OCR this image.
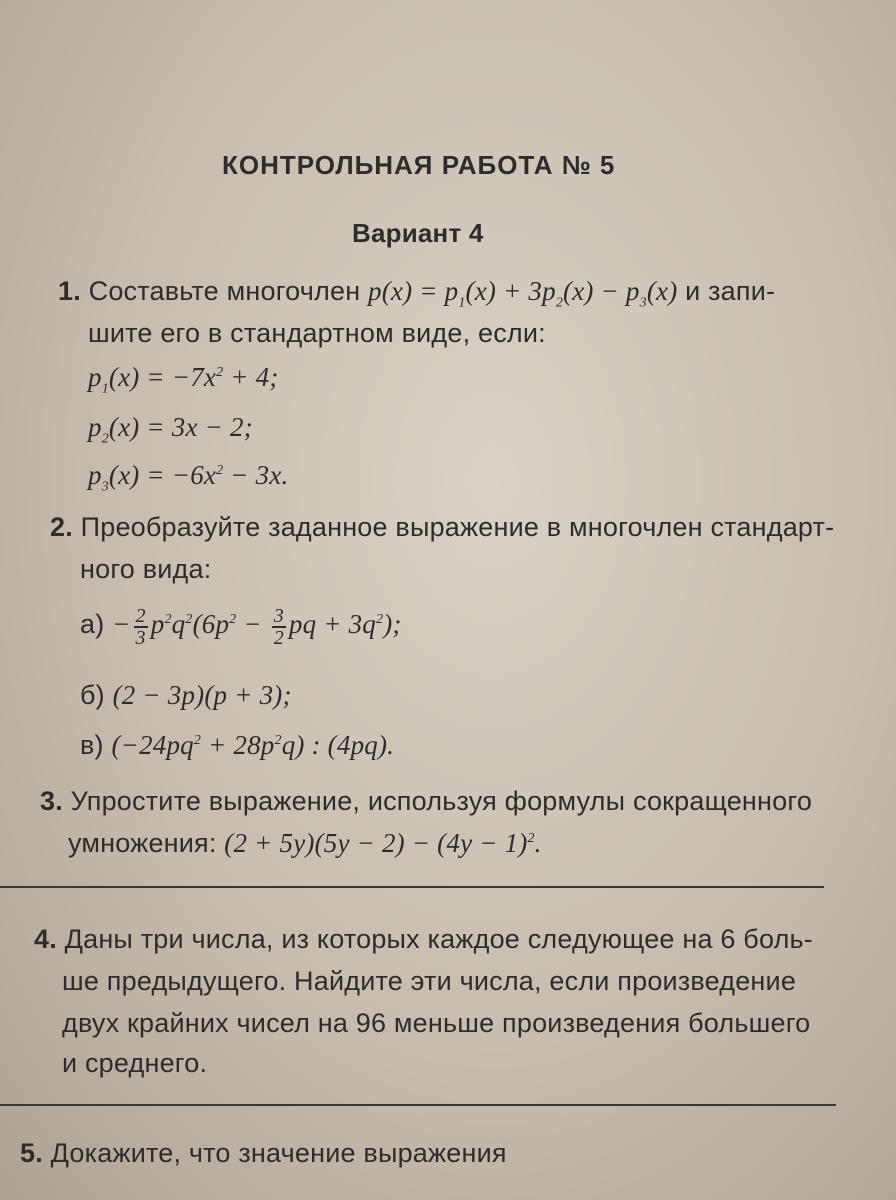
КОНТРОЛЬНАЯ РАБОТА № 5
Вариант 4
1. Составьте многочлен $p(x) = p_1(x) + 3p_2(x) - p_3(x)$ и запи-
шите его в стандартном виде, если:
$p_1(x) = -7x^2 + 4$;
$p_2(x) = 3x - 2$;
$p_3(x) = -6x^2 - 3x$.
2. Преобразуйте заданное выражение в многочлен стандарт-
ного вида:
$а) - \frac{2}{3} p^2q^2(6p^2 - \frac{3}{2}$ pq + $3q^2$);
б) (2 − 3p)(p + 3);
в) $(-24pq^2 + 28p^2q)$ : (4pq).
3. Упростите выражение, используя формулы сокращенного
умножения: $(2 + 5y)(5y - 2) - (4y - 1)^2$.
4. Даны три числа, из которых каждое следующее на 6 боль-
ше предыдущего. Найдите эти числа, если произведение
двух крайних чисел на 96 меньше произведения большего
и среднего.
5. Докажите, что значение выражения
